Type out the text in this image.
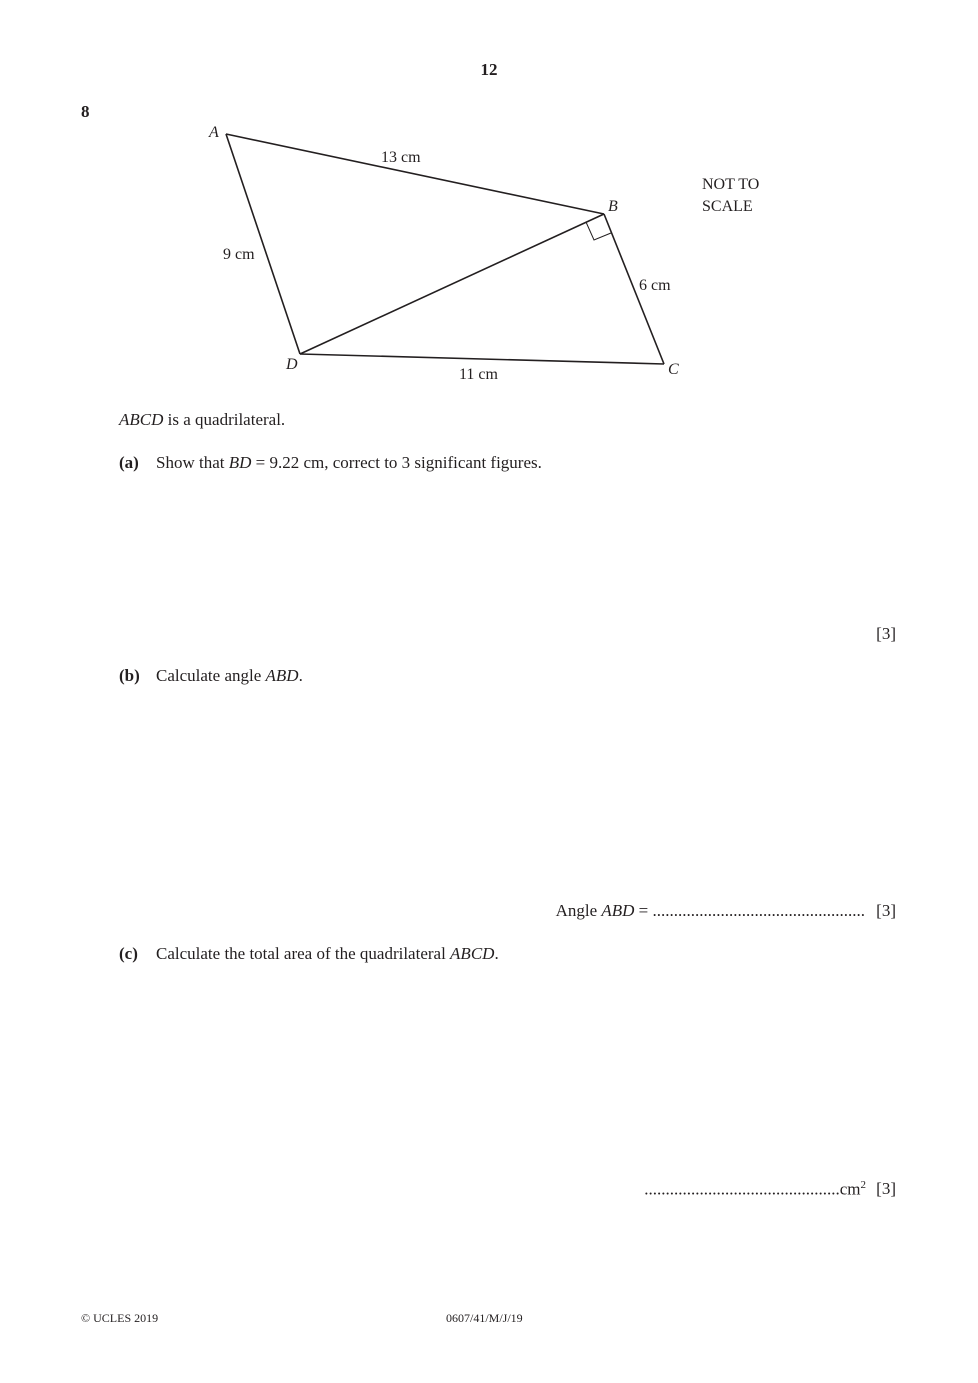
12
8
A
B
C
D
13 cm
9 cm
6 cm
11 cm
NOT TO
SCALE
ABCD is a quadrilateral.
(a) Show that BD = 9.22 cm, correct to 3 significant figures.
[3]
(b) Calculate angle ABD.
Angle ABD = .................................................. [3]
(c) Calculate the total area of the quadrilateral ABCD.
$..............................................cm^2$ [3]
© UCLES 2019	0607/41/M/J/19
